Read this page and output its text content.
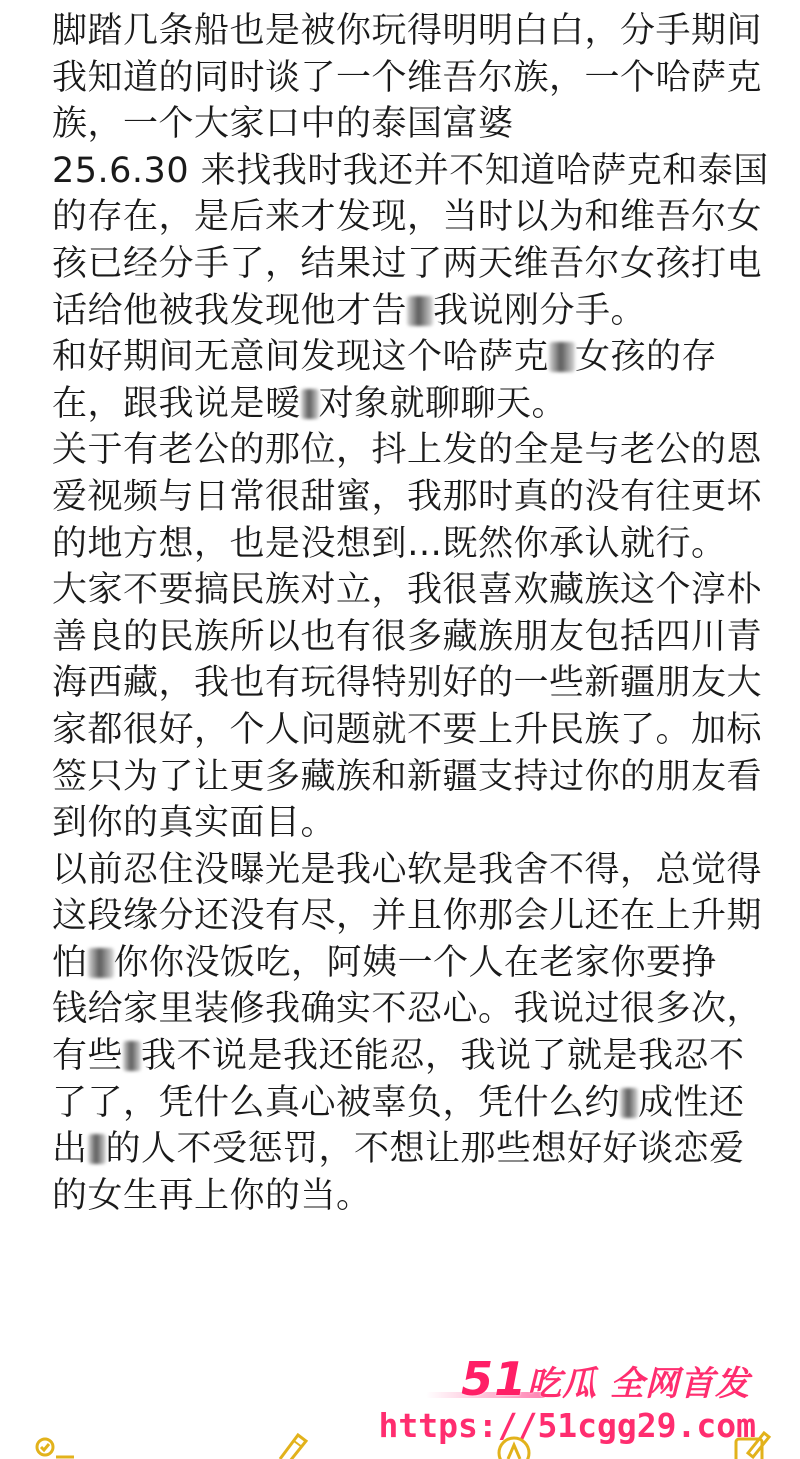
脚踏几条船也是被你玩得明明白白，分手期间
我知道的同时谈了一个维吾尔族，一个哈萨克
族，一个大家口中的泰国富婆
25.6.30 来找我时我还并不知道哈萨克和泰国
的存在，是后来才发现，当时以为和维吾尔女
孩已经分手了，结果过了两天维吾尔女孩打电
话给他被我发现他才告 我说刚分手。
和好期间无意间发现这个哈萨克 女孩的存
在，跟我说是暧 对象就聊聊天。
关于有老公的那位，抖上发的全是与老公的恩
爱视频与日常很甜蜜，我那时真的没有往更坏
的地方想，也是没想到…既然你承认就行。
大家不要搞民族对立，我很喜欢藏族这个淳朴
善良的民族所以也有很多藏族朋友包括四川青
海西藏，我也有玩得特别好的一些新疆朋友大
家都很好，个人问题就不要上升民族了。加标
签只为了让更多藏族和新疆支持过你的朋友看
到你的真实面目。
以前忍住没曝光是我心软是我舍不得，总觉得
这段缘分还没有尽，并且你那会儿还在上升期
怕 你你没饭吃，阿姨一个人在老家你要挣
钱给家里装修我确实不忍心。我说过很多次，
有些 我不说是我还能忍，我说了就是我忍不
了了，凭什么真心被辜负，凭什么约 成性还
出 的人不受惩罚，不想让那些想好好谈恋爱
的女生再上你的当。
51吃瓜 全网首发
https://51cgg29.com
